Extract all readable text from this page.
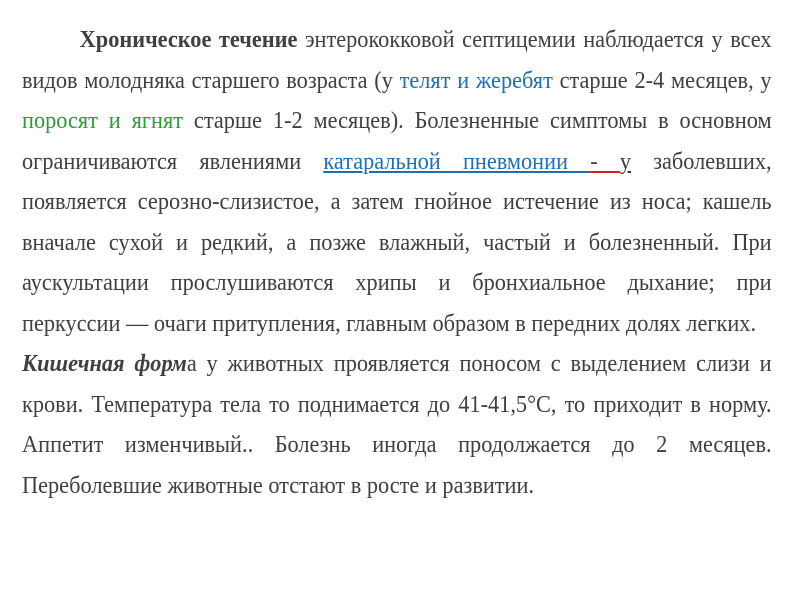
Хроническое течение энтерококковой септицемии наблюдается у всех видов молодняка старшего возраста (у телят и жеребят старше 2-4 месяцев, у поросят и ягнят старше 1-2 месяцев). Болезненные симптомы в основном ограничиваются явлениями катаральной пневмонии - у заболевших, появляется серозно-слизистое, а затем гнойное истечение из носа; кашель вначале сухой и редкий, а позже влажный, частый и болезненный. При аускультации прослушиваются хрипы и бронхиальное дыхание; при перкуссии — очаги притупления, главным образом в передних долях легких.

Кишечная форма у животных проявляется поносом с выделением слизи и крови. Температура тела то поднимается до 41-41,5°С, то приходит в норму. Аппетит изменчивый.. Болезнь иногда продолжается до 2 месяцев. Переболевшие животные отстают в росте и развитии.
